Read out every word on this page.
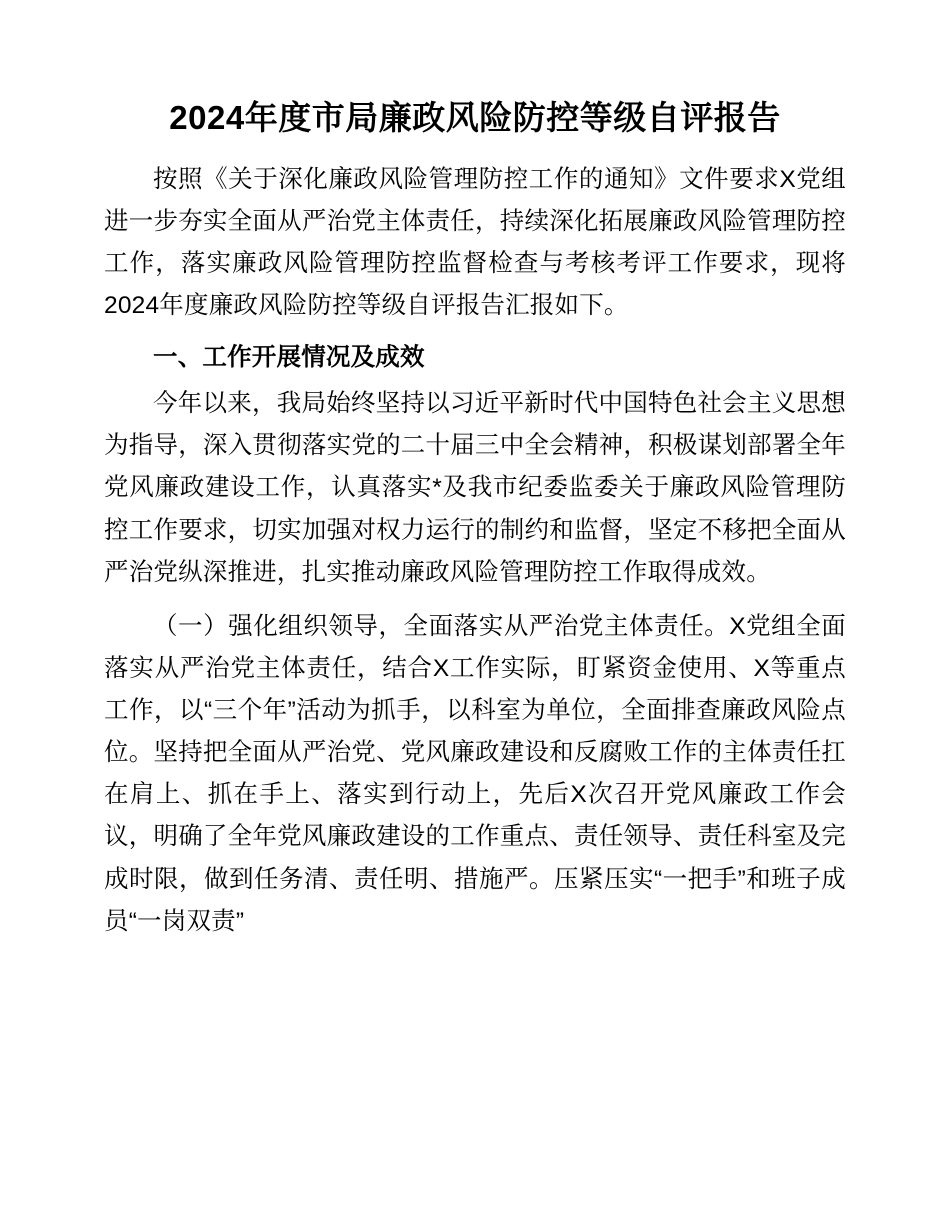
2024年度市局廉政风险防控等级自评报告

按照《关于深化廉政风险管理防控工作的通知》文件要求X党组进一步夯实全面从严治党主体责任，持续深化拓展廉政风险管理防控工作，落实廉政风险管理防控监督检查与考核考评工作要求，现将2024年度廉政风险防控等级自评报告汇报如下。

一、工作开展情况及成效

今年以来，我局始终坚持以习近平新时代中国特色社会主义思想为指导，深入贯彻落实党的二十届三中全会精神，积极谋划部署全年党风廉政建设工作，认真落实*及我市纪委监委关于廉政风险管理防控工作要求，切实加强对权力运行的制约和监督，坚定不移把全面从严治党纵深推进，扎实推动廉政风险管理防控工作取得成效。

（一）强化组织领导，全面落实从严治党主体责任。X党组全面落实从严治党主体责任，结合X工作实际，盯紧资金使用、X等重点工作，以“三个年”活动为抓手，以科室为单位，全面排查廉政风险点位。坚持把全面从严治党、党风廉政建设和反腐败工作的主体责任扛在肩上、抓在手上、落实到行动上，先后X次召开党风廉政工作会议，明确了全年党风廉政建设的工作重点、责任领导、责任科室及完成时限，做到任务清、责任明、措施严。压紧压实“一把手”和班子成员“一岗双责”
